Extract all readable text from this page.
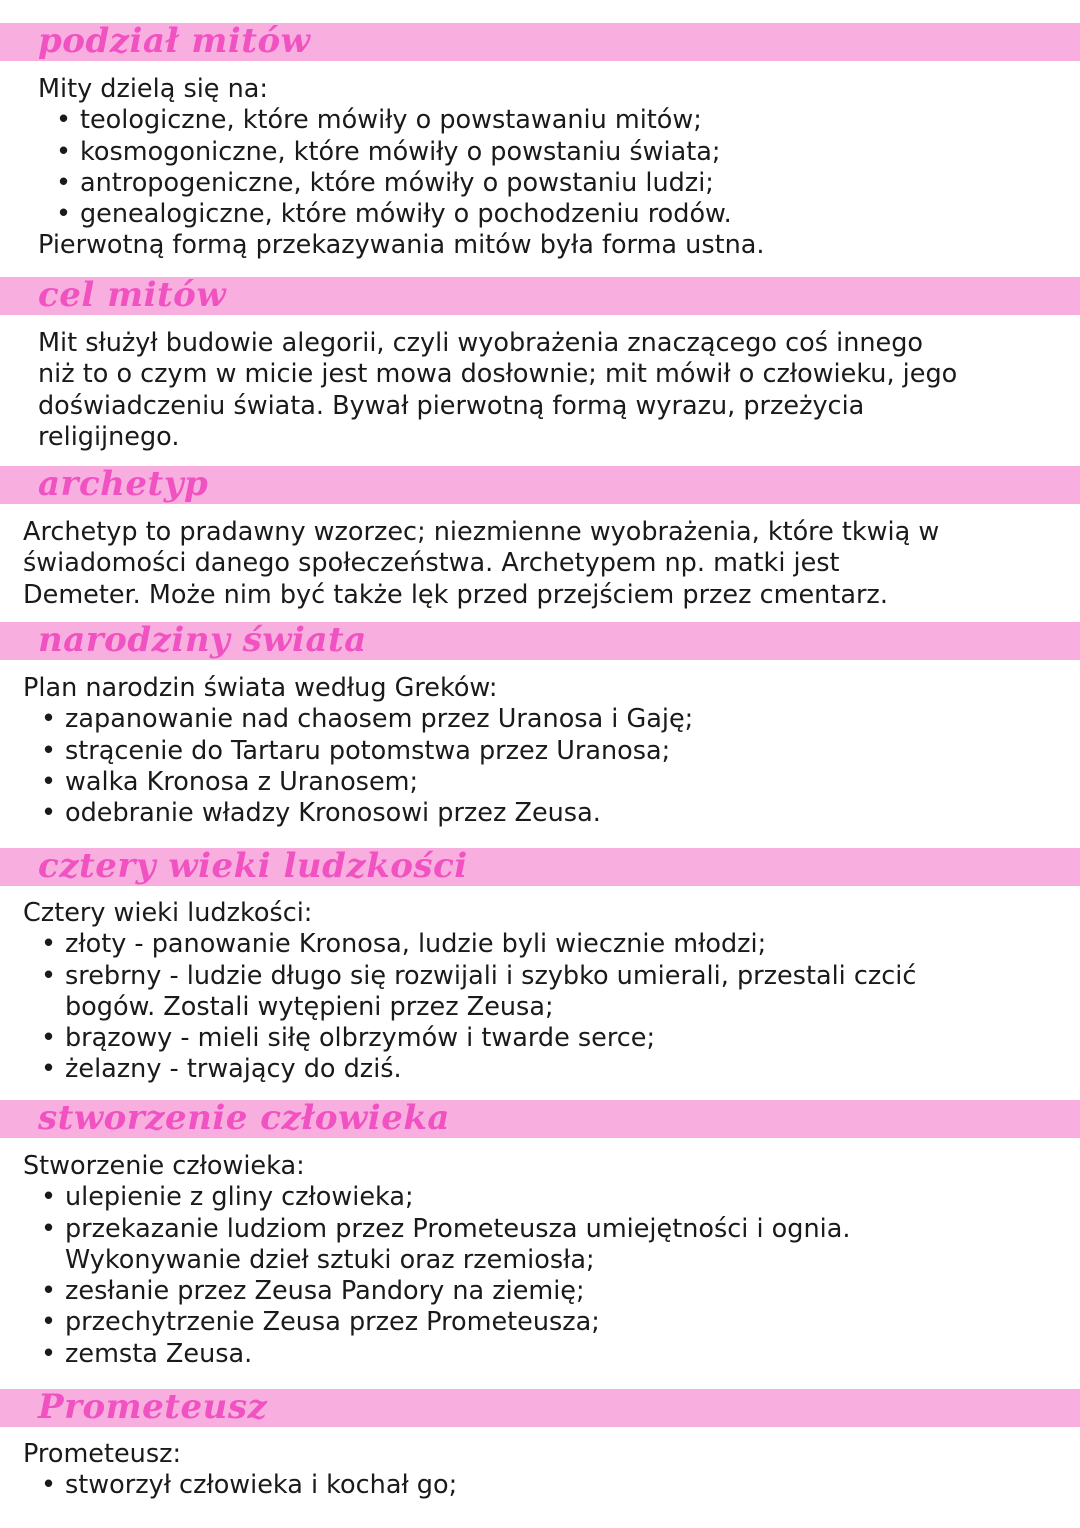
podział mitów

Mity dzielą się na:

• teologiczne, które mówiły o powstawaniu mitów;
• kosmogoniczne, które mówiły o powstaniu świata;
• antropogeniczne, które mówiły o powstaniu ludzi;
• genealogiczne, które mówiły o pochodzeniu rodów.

Pierwotną formą przekazywania mitów była forma ustna.

cel mitów

Mit służył budowie alegorii, czyli wyobrażenia znaczącego coś innego

niż to o czym w micie jest mowa dosłownie; mit mówił o człowieku, jego

doświadczeniu świata. Bywał pierwotną formą wyrazu, przeżycia

religijnego.

archetyp

Archetyp to pradawny wzorzec; niezmienne wyobrażenia, które tkwią w

świadomości danego społeczeństwa. Archetypem np. matki jest

Demeter. Może nim być także lęk przed przejściem przez cmentarz.

narodziny świata

Plan narodzin świata według Greków:

• zapanowanie nad chaosem przez Uranosa i Gaję;
• strącenie do Tartaru potomstwa przez Uranosa;
• walka Kronosa z Uranosem;
• odebranie władzy Kronosowi przez Zeusa.
cztery wieki ludzkości

Cztery wieki ludzkości:

• złoty - panowanie Kronosa, ludzie byli wiecznie młodzi;
• srebrny - ludzie długo się rozwijali i szybko umierali, przestali czcić
bogów. Zostali wytępieni przez Zeusa;
• brązowy - mieli siłę olbrzymów i twarde serce;
• żelazny - trwający do dziś.
stworzenie człowieka

Stworzenie człowieka:

• ulepienie z gliny człowieka;
• przekazanie ludziom przez Prometeusza umiejętności i ognia.
Wykonywanie dzieł sztuki oraz rzemiosła;
• zesłanie przez Zeusa Pandory na ziemię;
• przechytrzenie Zeusa przez Prometeusza;
• zemsta Zeusa.
Prometeusz

Prometeusz:

• stworzył człowieka i kochał go;
